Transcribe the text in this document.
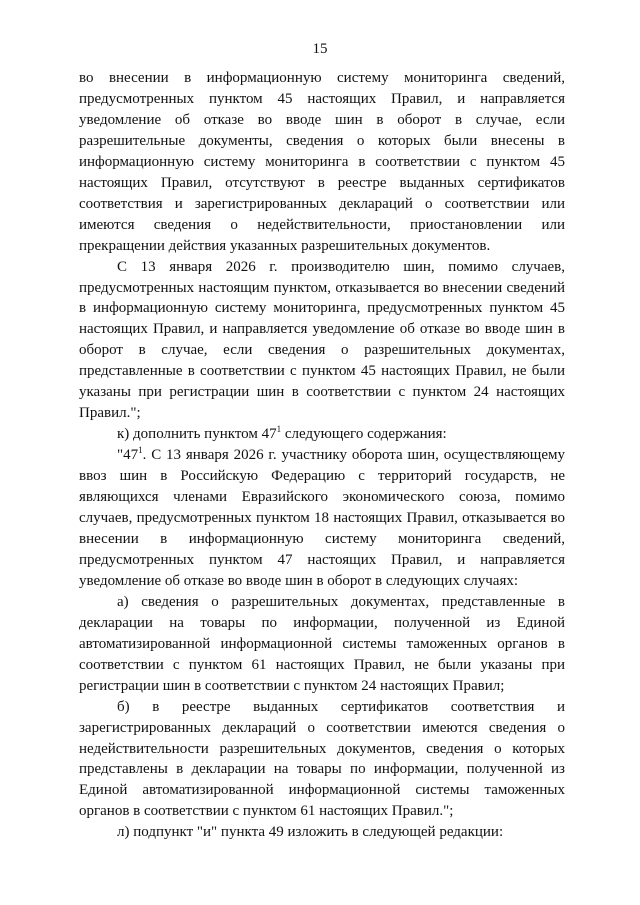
15

во внесении в информационную систему мониторинга сведений, предусмотренных пунктом 45 настоящих Правил, и направляется уведомление об отказе во вводе шин в оборот в случае, если разрешительные документы, сведения о которых были внесены в информационную систему мониторинга в соответствии с пунктом 45 настоящих Правил, отсутствуют в реестре выданных сертификатов соответствия и зарегистрированных деклараций о соответствии или имеются сведения о недействительности, приостановлении или прекращении действия указанных разрешительных документов.

С 13 января 2026 г. производителю шин, помимо случаев, предусмотренных настоящим пунктом, отказывается во внесении сведений в информационную систему мониторинга, предусмотренных пунктом 45 настоящих Правил, и направляется уведомление об отказе во вводе шин в оборот в случае, если сведения о разрешительных документах, представленные в соответствии с пунктом 45 настоящих Правил, не были указаны при регистрации шин в соответствии с пунктом 24 настоящих Правил.";

к) дополнить пунктом $47^1$ следующего содержания:

"$47^1$. С 13 января 2026 г. участнику оборота шин, осуществляющему ввоз шин в Российскую Федерацию с территорий государств, не являющихся членами Евразийского экономического союза, помимо случаев, предусмотренных пунктом 18 настоящих Правил, отказывается во внесении в информационную систему мониторинга сведений, предусмотренных пунктом 47 настоящих Правил, и направляется уведомление об отказе во вводе шин в оборот в следующих случаях:

а) сведения о разрешительных документах, представленные в декларации на товары по информации, полученной из Единой автоматизированной информационной системы таможенных органов в соответствии с пунктом 61 настоящих Правил, не были указаны при регистрации шин в соответствии с пунктом 24 настоящих Правил;

б) в реестре выданных сертификатов соответствия и зарегистрированных деклараций о соответствии имеются сведения о недействительности разрешительных документов, сведения о которых представлены в декларации на товары по информации, полученной из Единой автоматизированной информационной системы таможенных органов в соответствии с пунктом 61 настоящих Правил.";

л) подпункт "и" пункта 49 изложить в следующей редакции:
